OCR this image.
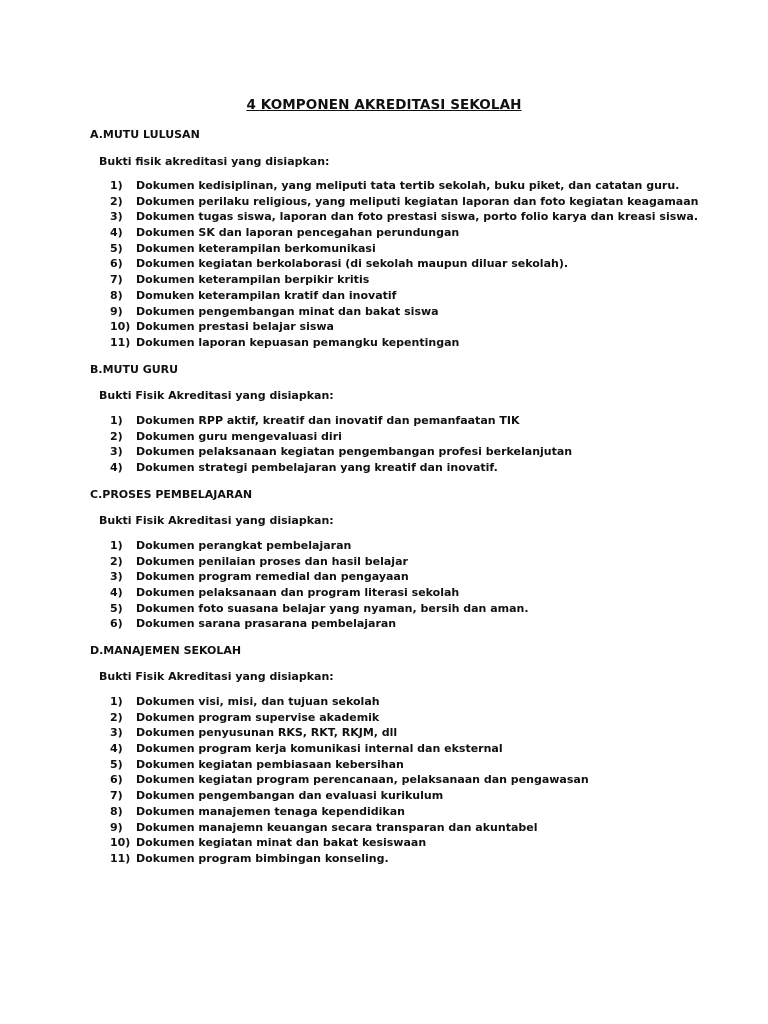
4 KOMPONEN AKREDITASI SEKOLAH
A.MUTU LULUSAN
Bukti fisik akreditasi yang disiapkan:
1)	Dokumen kedisiplinan, yang meliputi tata tertib sekolah, buku piket, dan catatan guru.
2)	Dokumen perilaku religious, yang meliputi kegiatan laporan dan foto kegiatan keagamaan
3)	Dokumen tugas siswa, laporan dan foto prestasi siswa, porto folio karya dan kreasi siswa.
4)	Dokumen SK dan laporan pencegahan perundungan
5)	Dokumen keterampilan berkomunikasi
6)	Dokumen kegiatan berkolaborasi (di sekolah maupun diluar sekolah).
7)	Dokumen keterampilan berpikir kritis
8)	Domuken keterampilan kratif dan inovatif
9)	Dokumen pengembangan minat dan bakat siswa
10) Dokumen prestasi belajar siswa
11) Dokumen laporan kepuasan pemangku kepentingan
B.MUTU GURU
Bukti Fisik Akreditasi yang disiapkan:
1)	Dokumen RPP aktif, kreatif dan inovatif dan pemanfaatan TIK
2)	Dokumen guru mengevaluasi diri
3)	Dokumen pelaksanaan kegiatan pengembangan profesi berkelanjutan
4)	Dokumen strategi pembelajaran yang kreatif dan inovatif.
C.PROSES PEMBELAJARAN
Bukti Fisik Akreditasi yang disiapkan:
1)	Dokumen perangkat pembelajaran
2)	Dokumen penilaian proses dan hasil belajar
3)	Dokumen program remedial dan pengayaan
4)	Dokumen pelaksanaan dan program literasi sekolah
5)	Dokumen foto suasana belajar yang nyaman, bersih dan aman.
6)	Dokumen sarana prasarana pembelajaran
D.MANAJEMEN SEKOLAH
Bukti Fisik Akreditasi yang disiapkan:
1)	Dokumen visi, misi, dan tujuan sekolah
2)	Dokumen program supervise akademik
3)	Dokumen penyusunan RKS, RKT, RKJM, dll
4)	Dokumen program kerja komunikasi internal dan eksternal
5)	Dokumen kegiatan pembiasaan kebersihan
6)	Dokumen kegiatan program perencanaan, pelaksanaan dan pengawasan
7)	Dokumen pengembangan dan evaluasi kurikulum
8)	Dokumen manajemen tenaga kependidikan
9)	Dokumen manajemn keuangan secara transparan dan akuntabel
10) Dokumen kegiatan minat dan bakat kesiswaan
11) Dokumen program bimbingan konseling.
